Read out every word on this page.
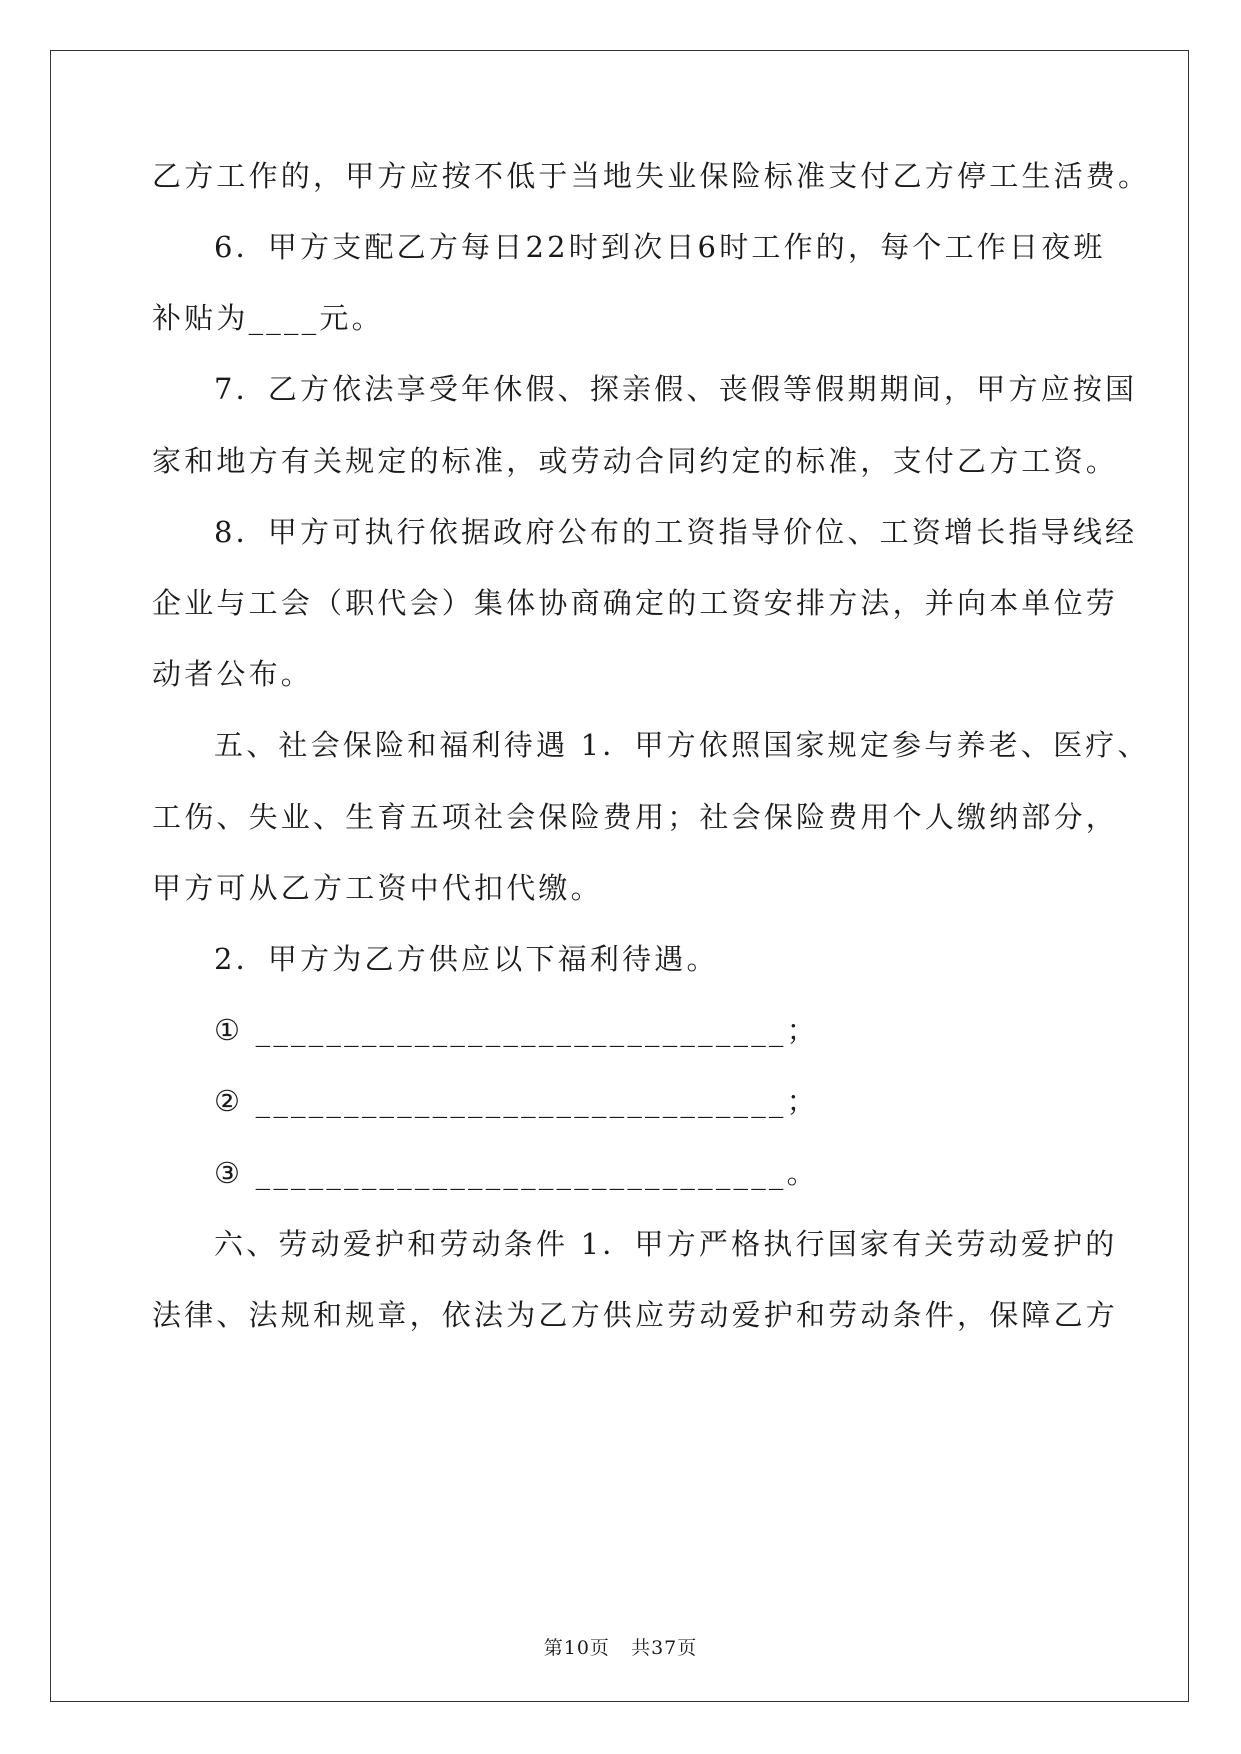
乙方工作的，甲方应按不低于当地失业保险标准支付乙方停工生活费。
6．甲方支配乙方每日22时到次日6时工作的，每个工作日夜班
补贴为____元。
7．乙方依法享受年休假、探亲假、丧假等假期期间，甲方应按国
家和地方有关规定的标准，或劳动合同约定的标准，支付乙方工资。
8．甲方可执行依据政府公布的工资指导价位、工资增长指导线经
企业与工会（职代会）集体协商确定的工资安排方法，并向本单位劳
动者公布。
五、社会保险和福利待遇 1．甲方依照国家规定参与养老、医疗、
工伤、失业、生育五项社会保险费用；社会保险费用个人缴纳部分，
甲方可从乙方工资中代扣代缴。
2．甲方为乙方供应以下福利待遇。
① ______________________________；
② ______________________________；
③ ______________________________。
六、劳动爱护和劳动条件 1．甲方严格执行国家有关劳动爱护的
法律、法规和规章，依法为乙方供应劳动爱护和劳动条件，保障乙方
第10页 共37页
